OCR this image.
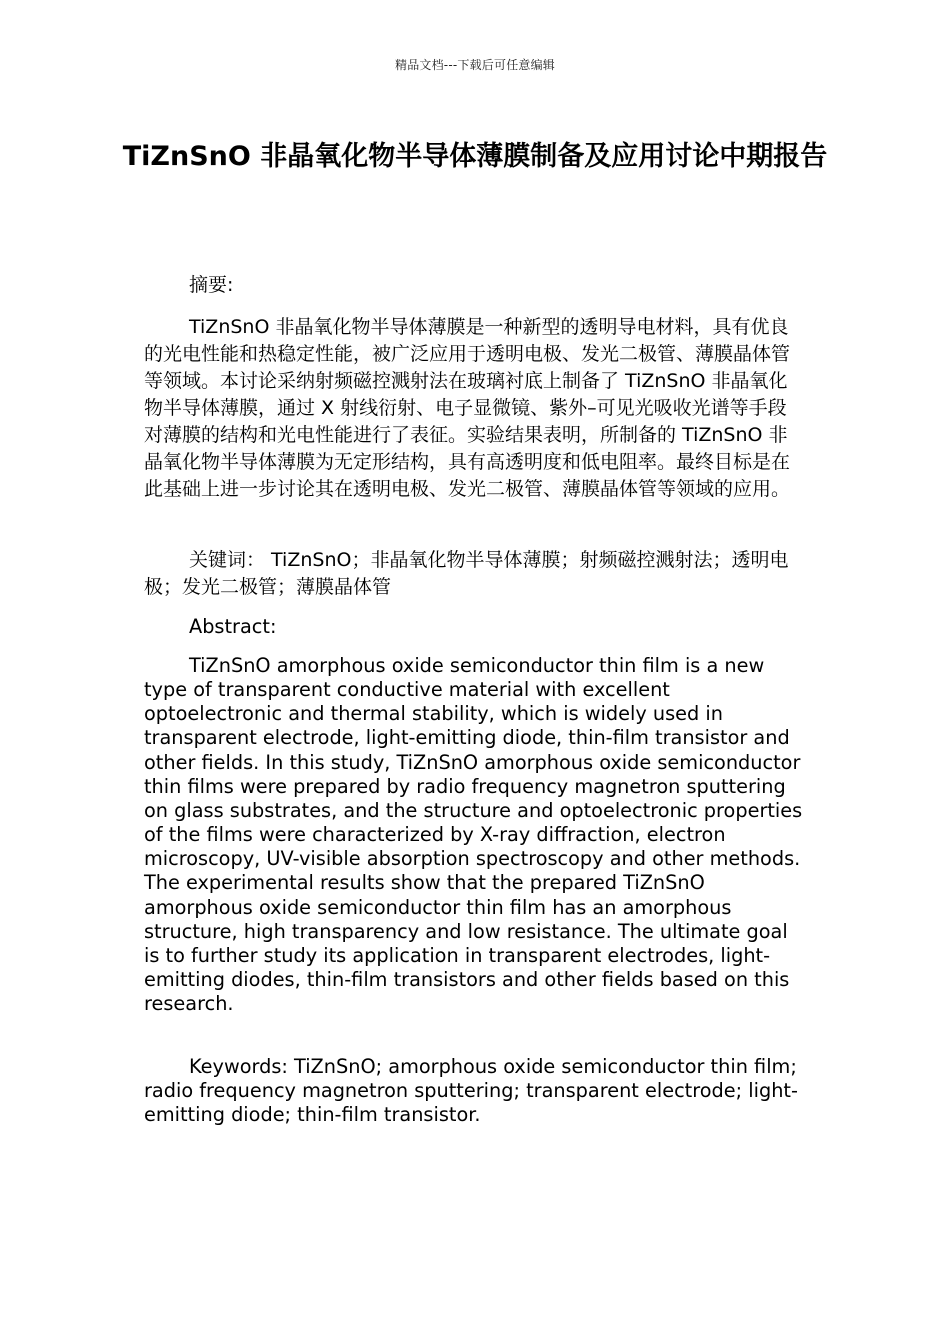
精品文档---下载后可任意编辑
TiZnSnO 非晶氧化物半导体薄膜制备及应用讨论中期报告

摘要:

TiZnSnO 非晶氧化物半导体薄膜是一种新型的透明导电材料，具有优良的光电性能和热稳定性能，被广泛应用于透明电极、发光二极管、薄膜晶体管等领域。本讨论采纳射频磁控溅射法在玻璃衬底上制备了 TiZnSnO 非晶氧化物半导体薄膜，通过 X 射线衍射、电子显微镜、紫外–可见光吸收光谱等手段对薄膜的结构和光电性能进行了表征。实验结果表明，所制备的 TiZnSnO 非晶氧化物半导体薄膜为无定形结构，具有高透明度和低电阻率。最终目标是在此基础上进一步讨论其在透明电极、发光二极管、薄膜晶体管等领域的应用。

关键词： TiZnSnO；非晶氧化物半导体薄膜；射频磁控溅射法；透明电极；发光二极管；薄膜晶体管

Abstract:

TiZnSnO amorphous oxide semiconductor thin film is a new type of transparent conductive material with excellent optoelectronic and thermal stability, which is widely used in transparent electrode, light-emitting diode, thin-film transistor and other fields. In this study, TiZnSnO amorphous oxide semiconductor thin films were prepared by radio frequency magnetron sputtering on glass substrates, and the structure and optoelectronic properties of the films were characterized by X-ray diffraction, electron microscopy, UV-visible absorption spectroscopy and other methods. The experimental results show that the prepared TiZnSnO amorphous oxide semiconductor thin film has an amorphous structure, high transparency and low resistance. The ultimate goal is to further study its application in transparent electrodes, light-emitting diodes, thin-film transistors and other fields based on this research.

Keywords: TiZnSnO; amorphous oxide semiconductor thin film; radio frequency magnetron sputtering; transparent electrode; light-emitting diode; thin-film transistor.
